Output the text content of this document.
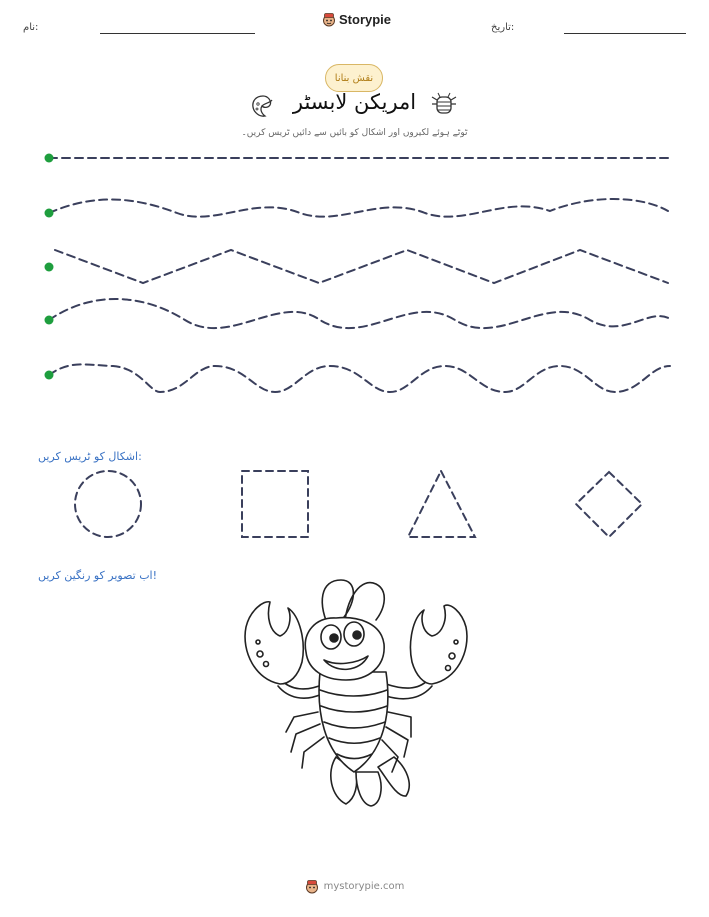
نام:
Storypie
تاریخ:
نقش بنانا
امریکن لابسٹر
ٹوٹے ہوئے لکیروں اور اشکال کو بائیں سے دائیں ٹریس کریں۔
اشکال کو ٹریس کریں:
اب تصویر کو رنگین کریں!
mystorypie.com
